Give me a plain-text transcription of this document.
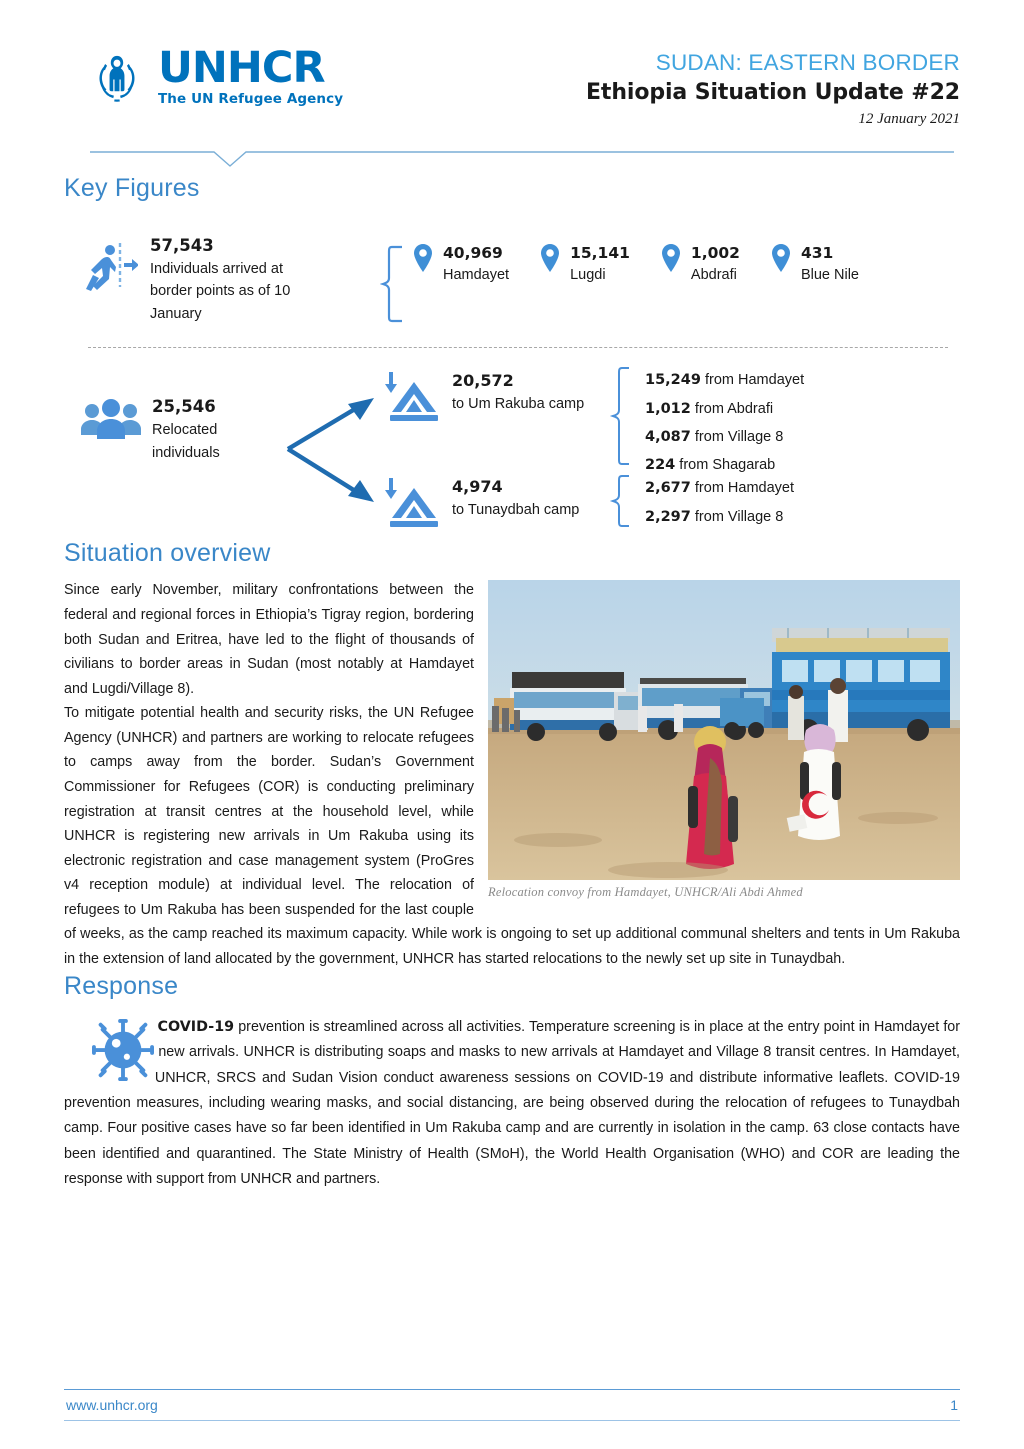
UNHCR
The UN Refugee Agency
SUDAN: EASTERN BORDER
Ethiopia Situation Update #22
12 January 2021
Key Figures
57,543
Individuals arrived at border points as of 10 January
40,969
Hamdayet
15,141
Lugdi
1,002
Abdrafi
431
Blue Nile
25,546
Relocated individuals
20,572
to Um Rakuba camp
15,249 from Hamdayet
1,012 from Abdrafi
4,087 from Village 8
224 from Shagarab
4,974
to Tunaydbah camp
2,677 from Hamdayet
2,297 from Village 8
Situation overview
Relocation convoy from Hamdayet, UNHCR/Ali Abdi Ahmed

Since early November, military confrontations between the federal and regional forces in Ethiopia’s Tigray region, bordering both Sudan and Eritrea, have led to the flight of thousands of civilians to border areas in Sudan (most notably at Hamdayet and Lugdi/Village 8).

To mitigate potential health and security risks, the UN Refugee Agency (UNHCR) and partners are working to relocate refugees to camps away from the border. Sudan’s Government Commissioner for Refugees (COR) is conducting preliminary registration at transit centres at the household level, while UNHCR is registering new arrivals in Um Rakuba using its electronic registration and case management system (ProGres v4 reception module) at individual level. The relocation of refugees to Um Rakuba has been suspended for the last couple of weeks, as the camp reached its maximum capacity. While work is ongoing to set up additional communal shelters and tents in Um Rakuba in the extension of land allocated by the government, UNHCR has started relocations to the newly set up site in Tunaydbah.

Response
COVID-19 prevention is streamlined across all activities. Temperature screening is in place at the entry point in Hamdayet for new arrivals. UNHCR is distributing soaps and masks to new arrivals at Hamdayet and Village 8 transit centres. In Hamdayet, UNHCR, SRCS and Sudan Vision conduct awareness sessions on COVID-19 and distribute informative leaflets. COVID-19 prevention measures, including wearing masks, and social distancing, are being observed during the relocation of refugees to Tunaydbah camp. Four positive cases have so far been identified in Um Rakuba camp and are currently in isolation in the camp. 63 close contacts have been identified and quarantined. The State Ministry of Health (SMoH), the World Health Organisation (WHO) and COR are leading the response with support from UNHCR and partners.
www.unhcr.org	1
